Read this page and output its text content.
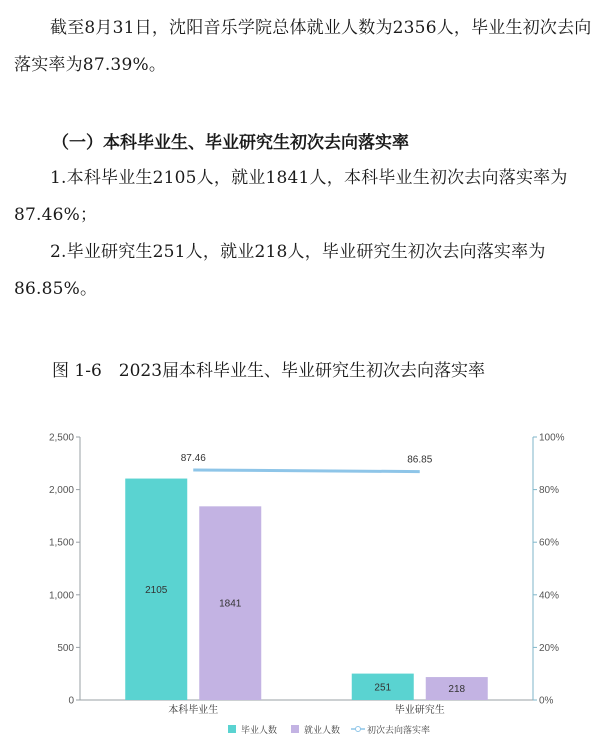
截至8月31日，沈阳音乐学院总体就业人数为2356人，毕业生初次去向落实率为87.39%。
（一）本科毕业生、毕业研究生初次去向落实率
1.本科毕业生2105人，就业1841人，本科毕业生初次去向落实率为87.46%；
2.毕业研究生251人，就业218人，毕业研究生初次去向落实率为86.85%。
图 1-6　2023届本科毕业生、毕业研究生初次去向落实率
0
500
1,000
1,500
2,000
2,500
0%
20%
40%
60%
80%
100%
本科毕业生	毕业研究生
2105
251
1841
218
87.46	86.85
毕业人数	就业人数	初次去向落实率
